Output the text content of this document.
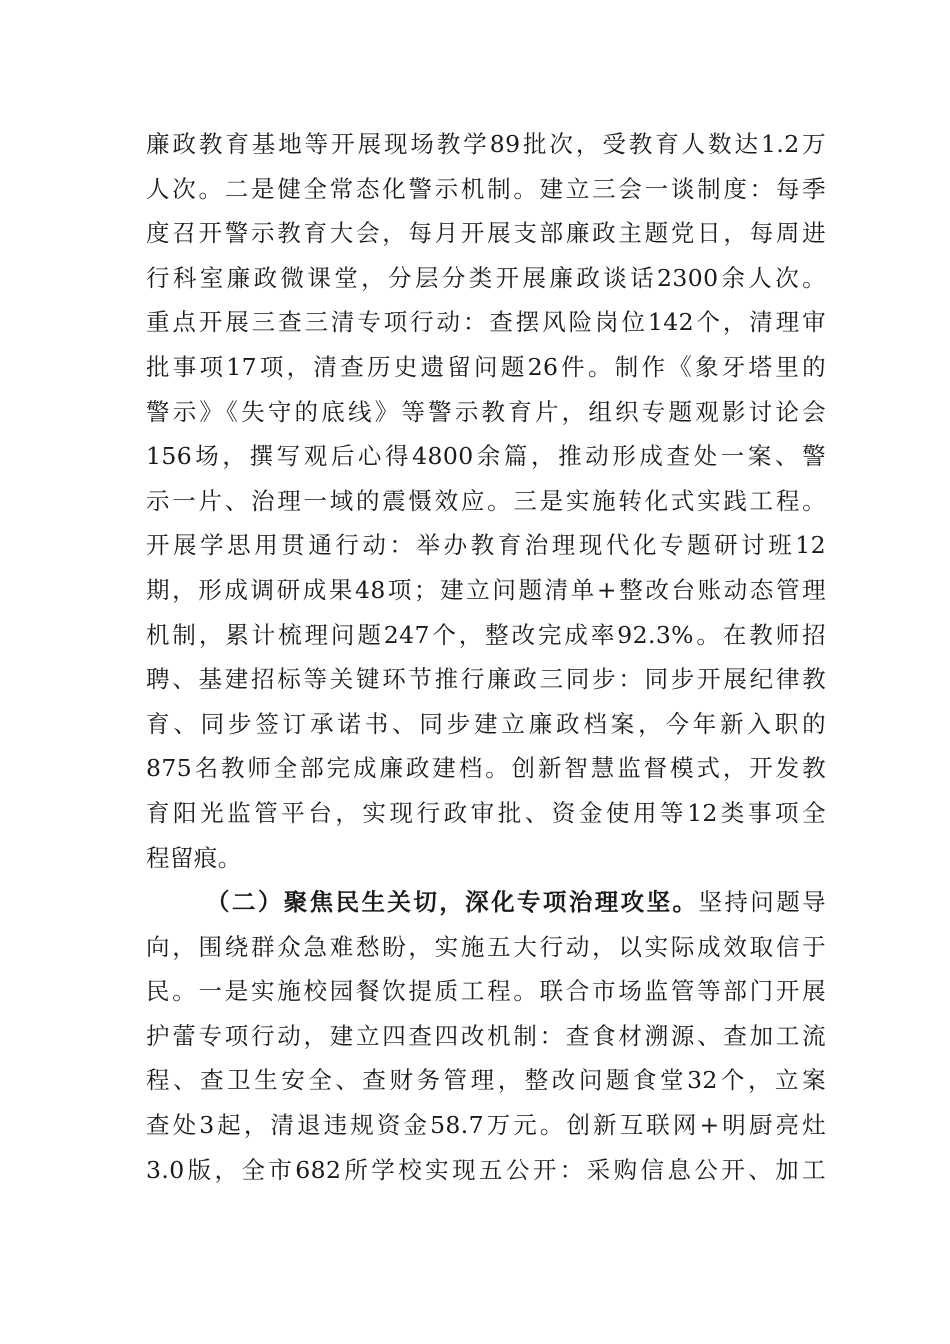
廉政教育基地等开展现场教学89批次，受教育人数达1.2万
人次。二是健全常态化警示机制。建立三会一谈制度：每季
度召开警示教育大会，每月开展支部廉政主题党日，每周进
行科室廉政微课堂，分层分类开展廉政谈话2300余人次。
重点开展三查三清专项行动：查摆风险岗位142个，清理审
批事项17项，清查历史遗留问题26件。制作《象牙塔里的
警示》《失守的底线》等警示教育片，组织专题观影讨论会
156场，撰写观后心得4800余篇，推动形成查处一案、警
示一片、治理一域的震慑效应。三是实施转化式实践工程。
开展学思用贯通行动：举办教育治理现代化专题研讨班12
期，形成调研成果48项；建立问题清单+整改台账动态管理
机制，累计梳理问题247个，整改完成率92.3%。在教师招
聘、基建招标等关键环节推行廉政三同步：同步开展纪律教
育、同步签订承诺书、同步建立廉政档案，今年新入职的
875名教师全部完成廉政建档。创新智慧监督模式，开发教
育阳光监管平台，实现行政审批、资金使用等12类事项全
程留痕。
（二）聚焦民生关切，深化专项治理攻坚。坚持问题导
向，围绕群众急难愁盼，实施五大行动，以实际成效取信于
民。一是实施校园餐饮提质工程。联合市场监管等部门开展
护蕾专项行动，建立四查四改机制：查食材溯源、查加工流
程、查卫生安全、查财务管理，整改问题食堂32个，立案
查处3起，清退违规资金58.7万元。创新互联网+明厨亮灶
3.0版，全市682所学校实现五公开：采购信息公开、加工
